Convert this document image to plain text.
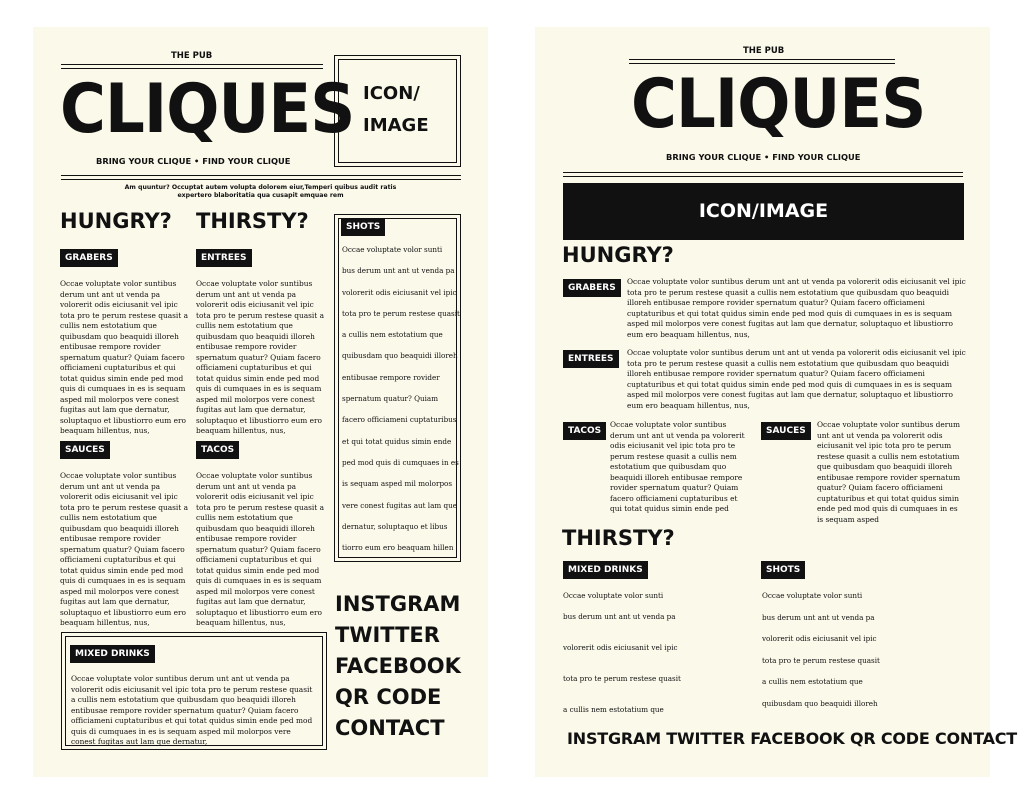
THE PUB
CLIQUES
BRING YOUR CLIQUE • FIND YOUR CLIQUE
ICON/
IMAGE
Am quuntur? Occuptat autem volupta dolorem eiur,Temperi quibus audit ratis expertero blaboritatia qua cusapit emquae rem
HUNGRY? THIRSTY?
GRABERS	ENTREES
Occae voluptate volor suntibus derum unt ant ut venda pa volorerit odis eiciusanit vel ipic tota pro te perum restese quasit a cullis nem estotatium que quibusdam quo beaquidi illoreh entibusae rempore rovider spernatum quatur? Quiam facero officiameni cuptaturibus et qui totat quidus simin ende ped mod quis di cumquaes in es is sequam asped mil molorpos vere conest fugitas aut lam que dernatur, soluptaquo et libustiorro eum ero beaquam hillentus, nus,
Occae voluptate volor suntibus derum unt ant ut venda pa volorerit odis eiciusanit vel ipic tota pro te perum restese quasit a cullis nem estotatium que quibusdam quo beaquidi illoreh entibusae rempore rovider spernatum quatur? Quiam facero officiameni cuptaturibus et qui totat quidus simin ende ped mod quis di cumquaes in es is sequam asped mil molorpos vere conest fugitas aut lam que dernatur, soluptaquo et libustiorro eum ero beaquam hillentus, nus,
SAUCES	TACOS
Occae voluptate volor suntibus derum unt ant ut venda pa volorerit odis eiciusanit vel ipic tota pro te perum restese quasit a cullis nem estotatium que quibusdam quo beaquidi illoreh entibusae rempore rovider spernatum quatur? Quiam facero officiameni cuptaturibus et qui totat quidus simin ende ped mod quis di cumquaes in es is sequam asped mil molorpos vere conest fugitas aut lam que dernatur, soluptaquo et libustiorro eum ero beaquam hillentus, nus,
Occae voluptate volor suntibus derum unt ant ut venda pa volorerit odis eiciusanit vel ipic tota pro te perum restese quasit a cullis nem estotatium que quibusdam quo beaquidi illoreh entibusae rempore rovider spernatum quatur? Quiam facero officiameni cuptaturibus et qui totat quidus simin ende ped mod quis di cumquaes in es is sequam asped mil molorpos vere conest fugitas aut lam que dernatur, soluptaquo et libustiorro eum ero beaquam hillentus, nus,
SHOTS
Occae voluptate volor sunti
bus derum unt ant ut venda pa
volorerit odis eiciusanit vel ipic
tota pro te perum restese quasit
a cullis nem estotatium que
quibusdam quo beaquidi illoreh
entibusae rempore rovider
spernatum quatur? Quiam
facero officiameni cuptaturibus
et qui totat quidus simin ende
ped mod quis di cumquaes in es
is sequam asped mil molorpos
vere conest fugitas aut lam que
dernatur, soluptaquo et libus
tiorro eum ero beaquam hillen
MIXED DRINKS
Occae voluptate volor suntibus derum unt ant ut venda pa volorerit odis eiciusanit vel ipic tota pro te perum restese quasit a cullis nem estotatium que quibusdam quo beaquidi illoreh entibusae rempore rovider spernatum quatur? Quiam facero officiameni cuptaturibus et qui totat quidus simin ende ped mod quis di cumquaes in es is sequam asped mil molorpos vere conest fugitas aut lam que dernatur,
INSTGRAM
TWITTER
FACEBOOK
QR CODE
CONTACT
THE PUB
CLIQUES
BRING YOUR CLIQUE • FIND YOUR CLIQUE
ICON/IMAGE
HUNGRY?
GRABERS
Occae voluptate volor suntibus derum unt ant ut venda pa volorerit odis eiciusanit vel ipic tota pro te perum restese quasit a cullis nem estotatium que quibusdam quo beaquidi illoreh entibusae rempore rovider spernatum quatur? Quiam facero officiameni cuptaturibus et qui totat quidus simin ende ped mod quis di cumquaes in es is sequam asped mil molorpos vere conest fugitas aut lam que dernatur, soluptaquo et libustiorro eum ero beaquam hillentus, nus,
ENTREES
Occae voluptate volor suntibus derum unt ant ut venda pa volorerit odis eiciusanit vel ipic tota pro te perum restese quasit a cullis nem estotatium que quibusdam quo beaquidi illoreh entibusae rempore rovider spernatum quatur? Quiam facero officiameni cuptaturibus et qui totat quidus simin ende ped mod quis di cumquaes in es is sequam asped mil molorpos vere conest fugitas aut lam que dernatur, soluptaquo et libustiorro eum ero beaquam hillentus, nus,
TACOS
Occae voluptate volor suntibus derum unt ant ut venda pa volorerit odis eiciusanit vel ipic tota pro te perum restese quasit a cullis nem estotatium que quibusdam quo beaquidi illoreh entibusae rempore rovider spernatum quatur? Quiam facero officiameni cuptaturibus et qui totat quidus simin ende ped
SAUCES
Occae voluptate volor suntibus derum unt ant ut venda pa volorerit odis eiciusanit vel ipic tota pro te perum restese quasit a cullis nem estotatium que quibusdam quo beaquidi illoreh entibusae rempore rovider spernatum quatur? Quiam facero officiameni cuptaturibus et qui totat quidus simin ende ped mod quis di cumquaes in es is sequam asped
THIRSTY?
MIXED DRINKS	SHOTS
Occae voluptate volor sunti
bus derum unt ant ut venda pa
volorerit odis eiciusanit vel ipic
tota pro te perum restese quasit
a cullis nem estotatium que
Occae voluptate volor sunti
bus derum unt ant ut venda pa
volorerit odis eiciusanit vel ipic
tota pro te perum restese quasit
a cullis nem estotatium que
quibusdam quo beaquidi illoreh
INSTGRAM TWITTER FACEBOOK QR CODE CONTACT
